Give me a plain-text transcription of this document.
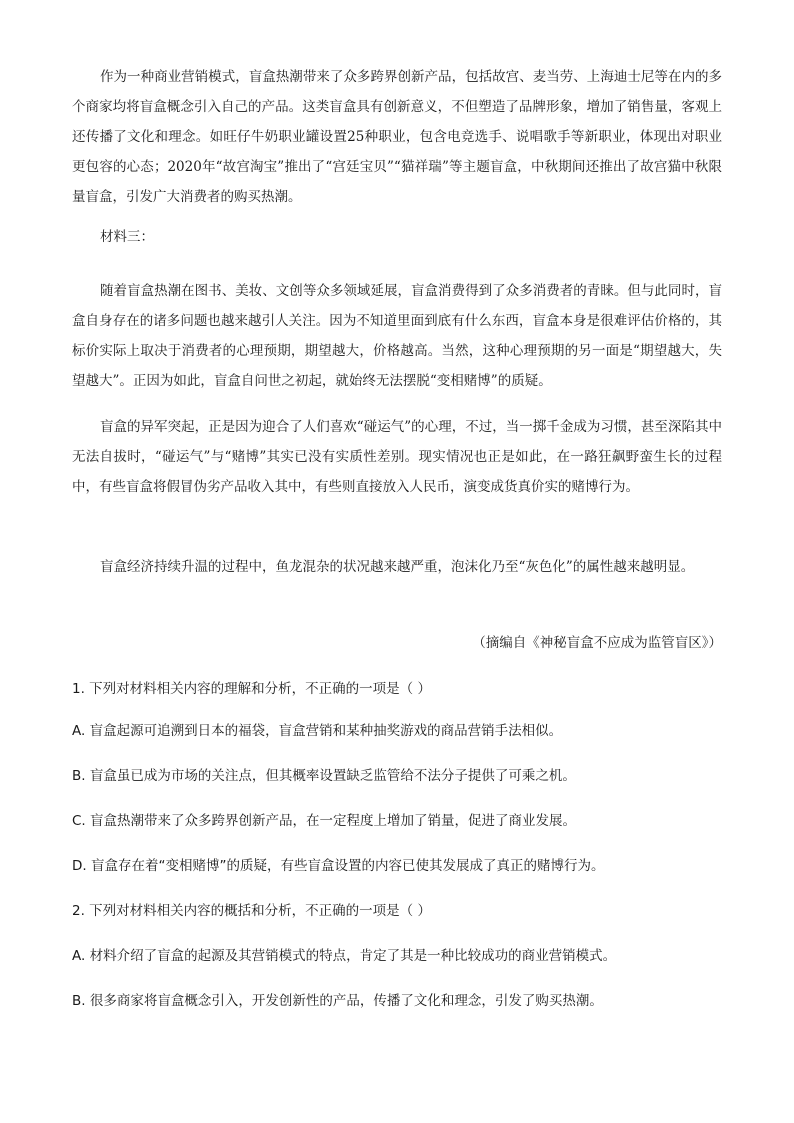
作为一种商业营销模式，盲盒热潮带来了众多跨界创新产品，包括故宫、麦当劳、上海迪士尼等在内的多个商家均将盲盒概念引入自己的产品。这类盲盒具有创新意义，不但塑造了品牌形象，增加了销售量，客观上还传播了文化和理念。如旺仔牛奶职业罐设置25种职业，包含电竞选手、说唱歌手等新职业，体现出对职业更包容的心态；2020年“故宫淘宝”推出了“宫廷宝贝”“猫祥瑞”等主题盲盒，中秋期间还推出了故宫猫中秋限量盲盒，引发广大消费者的购买热潮。

材料三：

随着盲盒热潮在图书、美妆、文创等众多领域延展，盲盒消费得到了众多消费者的青睐。但与此同时，盲盒自身存在的诸多问题也越来越引人关注。因为不知道里面到底有什么东西，盲盒本身是很难评估价格的，其标价实际上取决于消费者的心理预期，期望越大，价格越高。当然，这种心理预期的另一面是“期望越大，失望越大”。正因为如此，盲盒自问世之初起，就始终无法摆脱“变相赌博”的质疑。

盲盒的异军突起，正是因为迎合了人们喜欢“碰运气”的心理，不过，当一掷千金成为习惯，甚至深陷其中无法自拔时，“碰运气”与“赌博”其实已没有实质性差别。现实情况也正是如此，在一路狂飙野蛮生长的过程中，有些盲盒将假冒伪劣产品收入其中，有些则直接放入人民币，演变成货真价实的赌博行为。

盲盒经济持续升温的过程中，鱼龙混杂的状况越来越严重，泡沫化乃至“灰色化”的属性越来越明显。

（摘编自《神秘盲盒不应成为监管盲区》）

1. 下列对材料相关内容的理解和分析，不正确的一项是（ ）

A. 盲盒起源可追溯到日本的福袋，盲盒营销和某种抽奖游戏的商品营销手法相似。

B. 盲盒虽已成为市场的关注点，但其概率设置缺乏监管给不法分子提供了可乘之机。

C. 盲盒热潮带来了众多跨界创新产品，在一定程度上增加了销量，促进了商业发展。

D. 盲盒存在着“变相赌博”的质疑，有些盲盒设置的内容已使其发展成了真正的赌博行为。

2. 下列对材料相关内容的概括和分析，不正确的一项是（ ）

A. 材料介绍了盲盒的起源及其营销模式的特点，肯定了其是一种比较成功的商业营销模式。

B. 很多商家将盲盒概念引入，开发创新性的产品，传播了文化和理念，引发了购买热潮。
